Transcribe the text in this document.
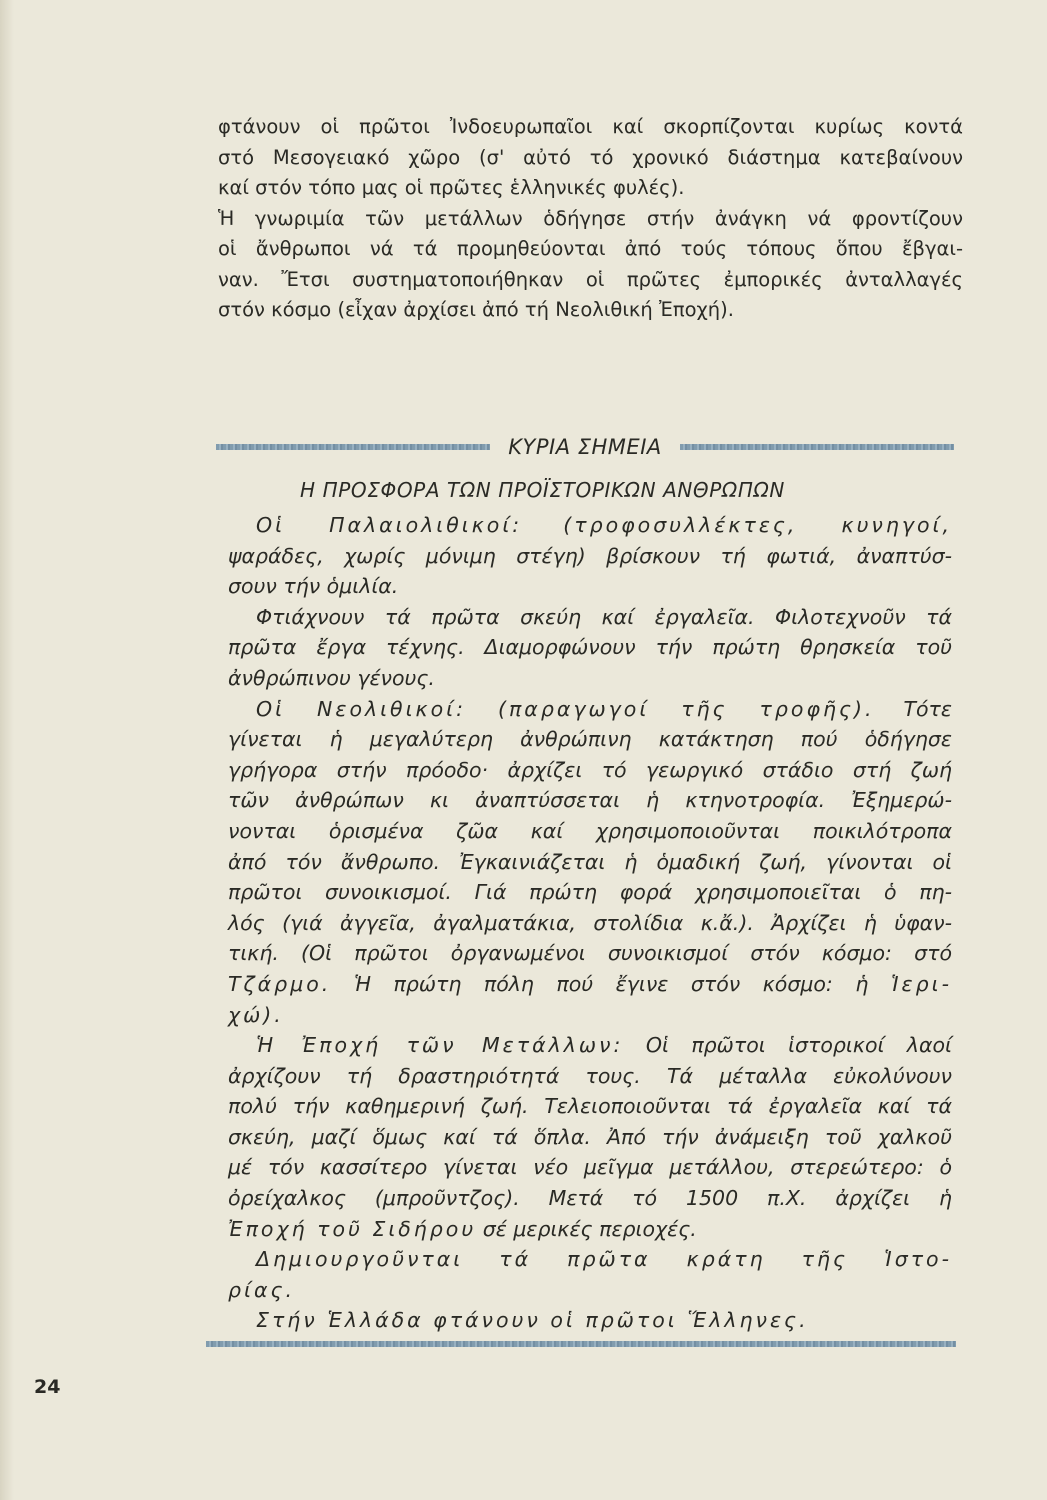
φτάνουν οἱ πρῶτοι Ἰνδοευρωπαῖοι καί σκορπίζονται κυρίως κοντά
στό Μεσογειακό χῶρο (σ' αὐτό τό χρονικό διάστημα κατεβαίνουν
καί στόν τόπο μας οἱ πρῶτες ἑλληνικές φυλές).
Ἡ γνωριμία τῶν μετάλλων ὁδήγησε στήν ἀνάγκη νά φροντίζουν
οἱ ἄνθρωποι νά τά προμηθεύονται ἀπό τούς τόπους ὅπου ἔβγαι-
ναν. Ἔτσι συστηματοποιήθηκαν οἱ πρῶτες ἐμπορικές ἀνταλλαγές
στόν κόσμο (εἶχαν ἀρχίσει ἀπό τή Νεολιθική Ἐποχή).
ΚΥΡΙΑ ΣΗΜΕΙΑ
Η ΠΡΟΣΦΟΡΑ ΤΩΝ ΠΡΟΪΣΤΟΡΙΚΩΝ ΑΝΘΡΩΠΩΝ
Οἱ Παλαιολιθικοί: (τροφοσυλλέκτες, κυνηγοί,
ψαράδες, χωρίς μόνιμη στέγη) βρίσκουν τή φωτιά, ἀναπτύσ-
σουν τήν ὁμιλία.
Φτιάχνουν τά πρῶτα σκεύη καί ἐργαλεῖα. Φιλοτεχνοῦν τά
πρῶτα ἔργα τέχνης. Διαμορφώνουν τήν πρώτη θρησκεία τοῦ
ἀνθρώπινου γένους.
Οἱ Νεολιθικοί: (παραγωγοί τῆς τροφῆς). Τότε
γίνεται ἡ μεγαλύτερη ἀνθρώπινη κατάκτηση πού ὁδήγησε
γρήγορα στήν πρόοδο· ἀρχίζει τό γεωργικό στάδιο στή ζωή
τῶν ἀνθρώπων κι ἀναπτύσσεται ἡ κτηνοτροφία. Ἐξημερώ-
νονται ὁρισμένα ζῶα καί χρησιμοποιοῦνται ποικιλότροπα
ἀπό τόν ἄνθρωπο. Ἐγκαινιάζεται ἡ ὁμαδική ζωή, γίνονται οἱ
πρῶτοι συνοικισμοί. Γιά πρώτη φορά χρησιμοποιεῖται ὁ πη-
λός (γιά ἀγγεῖα, ἀγαλματάκια, στολίδια κ.ἄ.). Ἀρχίζει ἡ ὑφαν-
τική. (Οἱ πρῶτοι ὀργανωμένοι συνοικισμοί στόν κόσμο: στό
Τζάρμο. Ἡ πρώτη πόλη πού ἔγινε στόν κόσμο: ἡ Ἱερι-
χώ).
Ἡ Ἐποχή τῶν Μετάλλων: Οἱ πρῶτοι ἱστορικοί λαοί
ἀρχίζουν τή δραστηριότητά τους. Τά μέταλλα εὐκολύνουν
πολύ τήν καθημερινή ζωή. Τελειοποιοῦνται τά ἐργαλεῖα καί τά
σκεύη, μαζί ὅμως καί τά ὅπλα. Ἀπό τήν ἀνάμειξη τοῦ χαλκοῦ
μέ τόν κασσίτερο γίνεται νέο μεῖγμα μετάλλου, στερεώτερο: ὁ
ὀρείχαλκος (μπροῦντζος). Μετά τό 1500 π.Χ. ἀρχίζει ἡ
Ἐποχή τοῦ Σιδήρου σέ μερικές περιοχές.
Δημιουργοῦνται τά πρῶτα κράτη τῆς Ἱστο-
ρίας.
Στήν Ἑλλάδα φτάνουν οἱ πρῶτοι Ἕλληνες.
24
